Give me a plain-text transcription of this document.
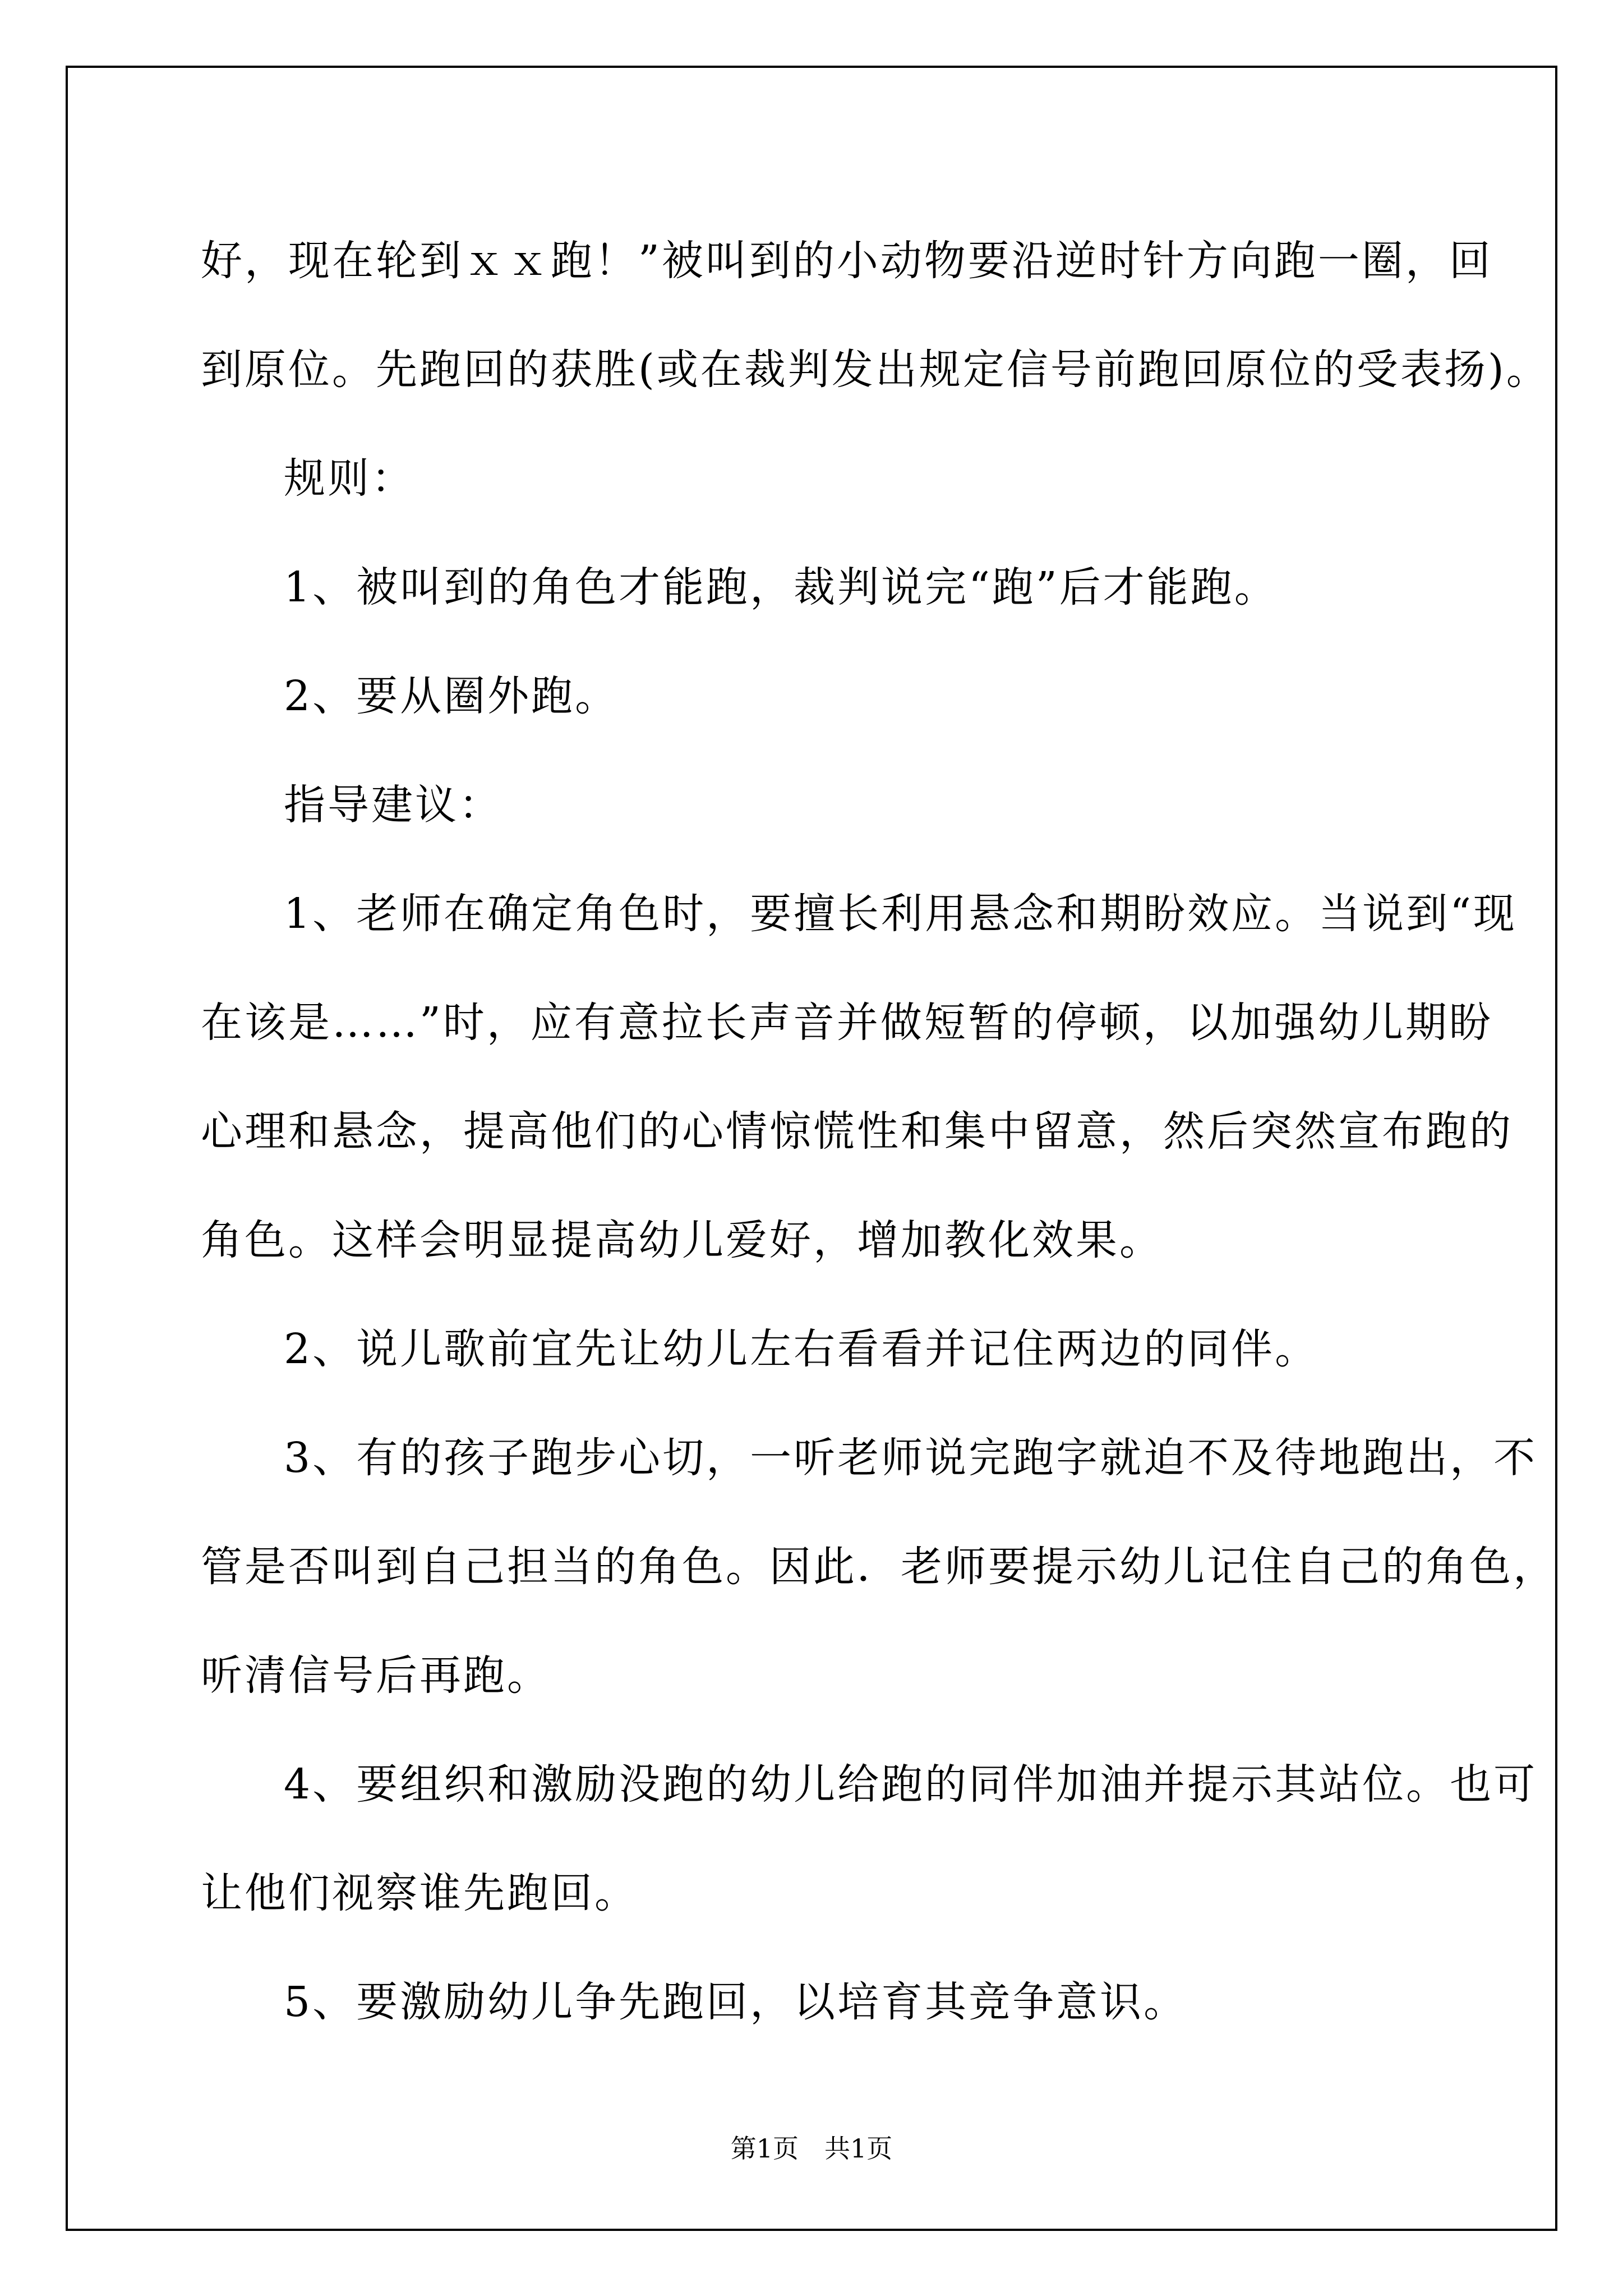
好，现在轮到ｘｘ跑！”被叫到的小动物要沿逆时针方向跑一圈，回

到原位。先跑回的获胜(或在裁判发出规定信号前跑回原位的受表扬)。

规则：

1、被叫到的角色才能跑，裁判说完“跑”后才能跑。

2、要从圈外跑。

指导建议：

1、老师在确定角色时，要擅长利用悬念和期盼效应。当说到“现

在该是……”时，应有意拉长声音并做短暂的停顿，以加强幼儿期盼

心理和悬念，提高他们的心情惊慌性和集中留意，然后突然宣布跑的

角色。这样会明显提高幼儿爱好，增加教化效果。

2、说儿歌前宜先让幼儿左右看看并记住两边的同伴。

3、有的孩子跑步心切，一听老师说完跑字就迫不及待地跑出，不

管是否叫到自己担当的角色。因此．老师要提示幼儿记住自己的角色，

听清信号后再跑。

4、要组织和激励没跑的幼儿给跑的同伴加油并提示其站位。也可

让他们视察谁先跑回。

5、要激励幼儿争先跑回，以培育其竞争意识。

第1页　共1页
